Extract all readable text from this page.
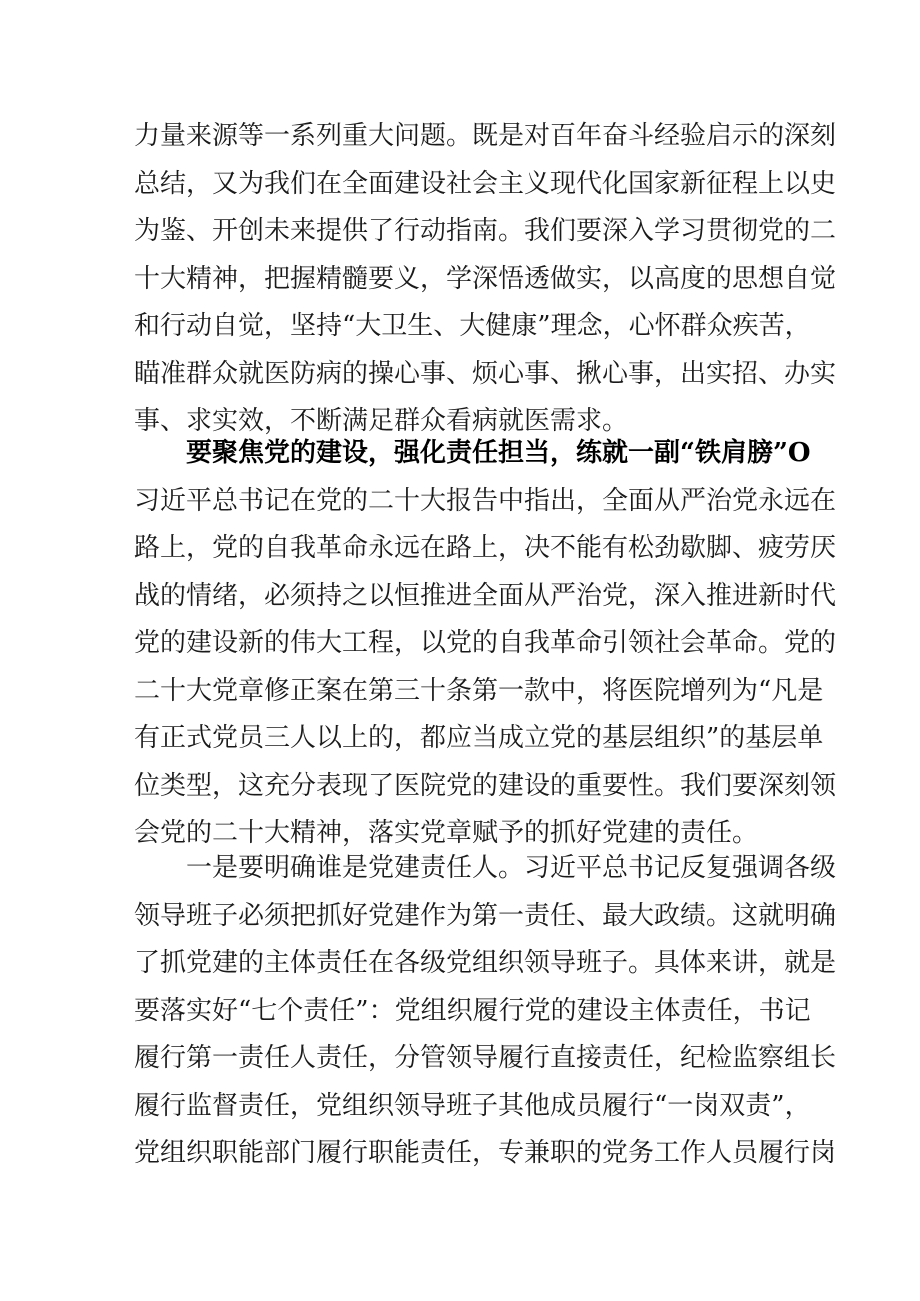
力量来源等一系列重大问题。既是对百年奋斗经验启示的深刻
总结，又为我们在全面建设社会主义现代化国家新征程上以史
为鉴、开创未来提供了行动指南。我们要深入学习贯彻党的二
十大精神，把握精髓要义，学深悟透做实，以高度的思想自觉
和行动自觉，坚持“大卫生、大健康”理念，心怀群众疾苦，
瞄准群众就医防病的操心事、烦心事、揪心事，出实招、办实
事、求实效，不断满足群众看病就医需求。
要聚焦党的建设，强化责任担当，练就一副“铁肩膀”O
习近平总书记在党的二十大报告中指出，全面从严治党永远在
路上，党的自我革命永远在路上，决不能有松劲歇脚、疲劳厌
战的情绪，必须持之以恒推进全面从严治党，深入推进新时代
党的建设新的伟大工程，以党的自我革命引领社会革命。党的
二十大党章修正案在第三十条第一款中，将医院增列为“凡是
有正式党员三人以上的，都应当成立党的基层组织”的基层单
位类型，这充分表现了医院党的建设的重要性。我们要深刻领
会党的二十大精神，落实党章赋予的抓好党建的责任。
一是要明确谁是党建责任人。习近平总书记反复强调各级
领导班子必须把抓好党建作为第一责任、最大政绩。这就明确
了抓党建的主体责任在各级党组织领导班子。具体来讲，就是
要落实好“七个责任”：党组织履行党的建设主体责任，书记
履行第一责任人责任，分管领导履行直接责任，纪检监察组长
履行监督责任，党组织领导班子其他成员履行“一岗双责”，
党组织职能部门履行职能责任，专兼职的党务工作人员履行岗
